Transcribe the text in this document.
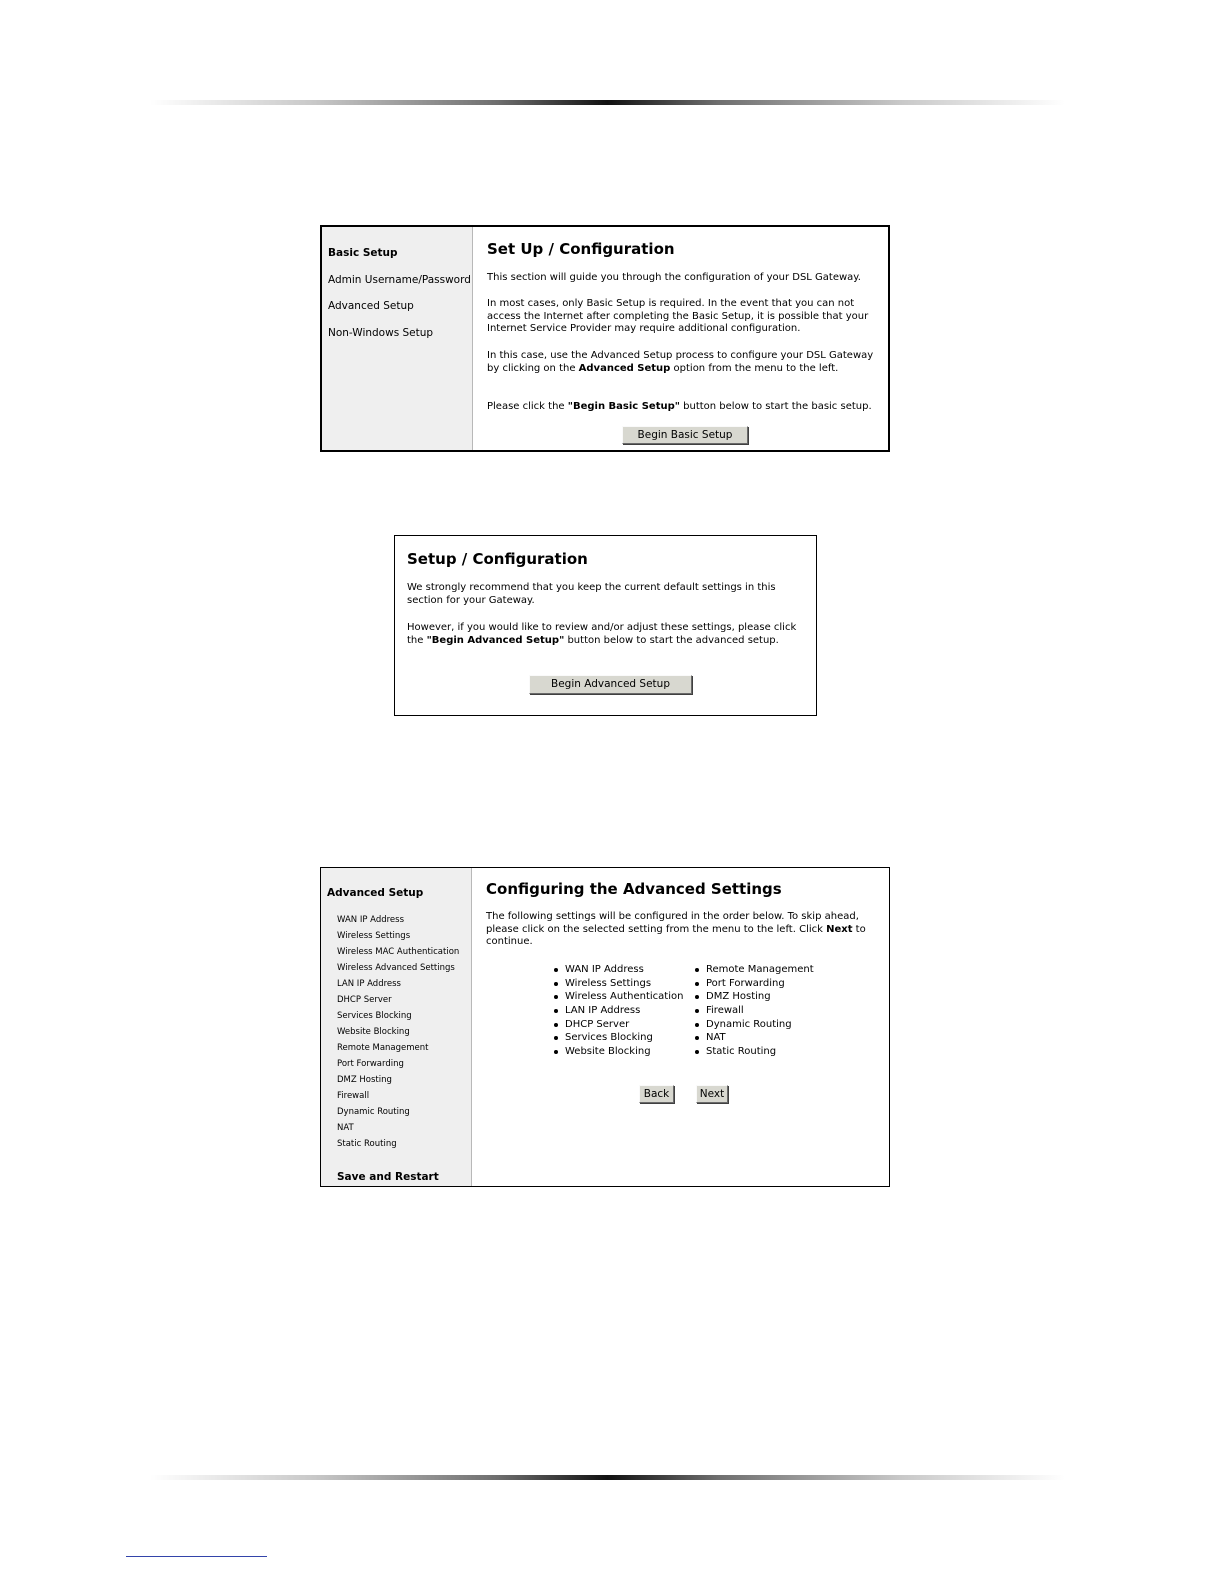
Basic Setup
Admin Username/Password
Advanced Setup
Non-Windows Setup
Set Up / Configuration

This section will guide you through the configuration of your DSL Gateway.

In most cases, only Basic Setup is required. In the event that you can not access the Internet after completing the Basic Setup, it is possible that your Internet Service Provider may require additional configuration.

In this case, use the Advanced Setup process to configure your DSL Gateway by clicking on the Advanced Setup option from the menu to the left.

Please click the "Begin Basic Setup" button below to start the basic setup.

Begin Basic Setup
Setup / Configuration

We strongly recommend that you keep the current default settings in this section for your Gateway.

However, if you would like to review and/or adjust these settings, please click the "Begin Advanced Setup" button below to start the advanced setup.

Begin Advanced Setup
Advanced Setup
WAN IP Address
Wireless Settings
Wireless MAC Authentication
Wireless Advanced Settings
LAN IP Address
DHCP Server
Services Blocking
Website Blocking
Remote Management
Port Forwarding
DMZ Hosting
Firewall
Dynamic Routing
NAT
Static Routing
Save and Restart
Configuring the Advanced Settings

The following settings will be configured in the order below. To skip ahead, please click on the selected setting from the menu to the left. Click Next to continue.

WAN IP Address
Wireless Settings
Wireless Authentication
LAN IP Address
DHCP Server
Services Blocking
Website Blocking
Remote Management
Port Forwarding
DMZ Hosting
Firewall
Dynamic Routing
NAT
Static Routing
Back	Next
